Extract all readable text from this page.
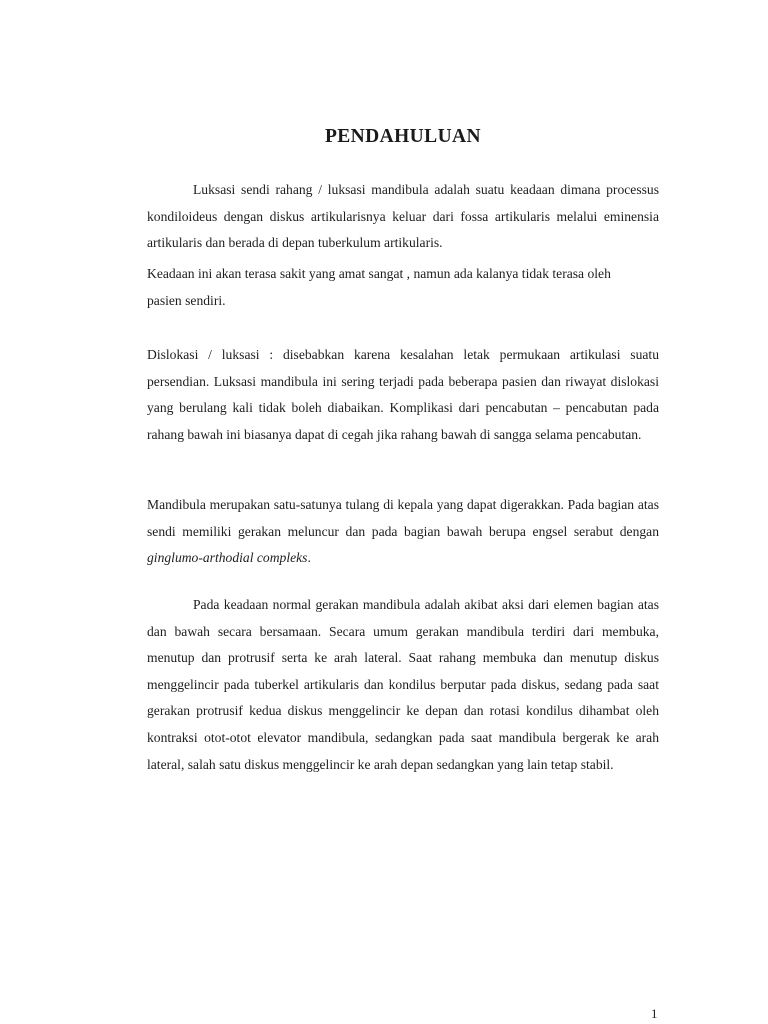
PENDAHULUAN

Luksasi sendi rahang / luksasi mandibula adalah suatu keadaan dimana processus kondiloideus dengan diskus artikularisnya keluar dari fossa artikularis melalui eminensia artikularis dan berada di depan tuberkulum artikularis.

Keadaan ini akan terasa sakit yang amat sangat , namun ada kalanya tidak terasa oleh pasien sendiri.

Dislokasi / luksasi : disebabkan karena kesalahan letak permukaan artikulasi suatu persendian. Luksasi mandibula ini sering terjadi pada beberapa pasien dan riwayat dislokasi yang berulang kali tidak boleh diabaikan. Komplikasi dari pencabutan – pencabutan pada rahang bawah ini biasanya dapat di cegah jika rahang bawah di sangga selama pencabutan.

Mandibula merupakan satu-satunya tulang di kepala yang dapat digerakkan. Pada bagian atas sendi memiliki gerakan meluncur dan pada bagian bawah berupa engsel serabut dengan ginglumo-arthodial compleks.

Pada keadaan normal gerakan mandibula adalah akibat aksi dari elemen bagian atas dan bawah secara bersamaan. Secara umum gerakan mandibula terdiri dari membuka, menutup dan protrusif serta ke arah lateral. Saat rahang membuka dan menutup diskus menggelincir pada tuberkel artikularis dan kondilus berputar pada diskus, sedang pada saat gerakan protrusif kedua diskus menggelincir ke depan dan rotasi kondilus dihambat oleh kontraksi otot-otot elevator mandibula, sedangkan pada saat mandibula bergerak ke arah lateral, salah satu diskus menggelincir ke arah depan sedangkan yang lain tetap stabil.

1
